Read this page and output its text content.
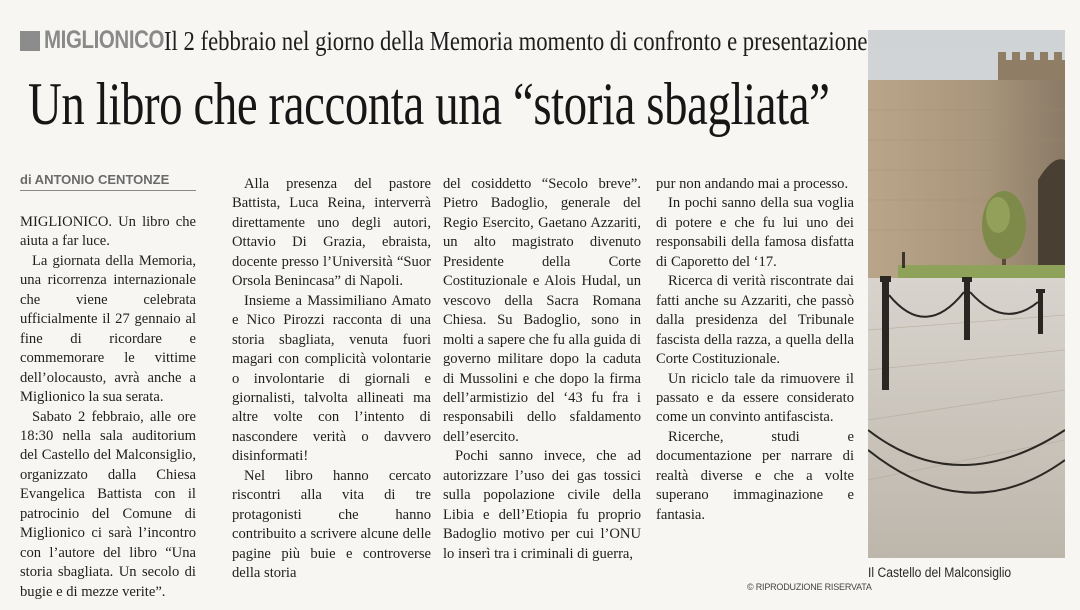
MIGLIONICO Il 2 febbraio nel giorno della Memoria momento di confronto e presentazione
Un libro che racconta una “storia sbagliata”
di ANTONIO CENTONZE

MIGLIONICO. Un libro che aiuta a far luce.

La giornata della Memoria, una ricorrenza internazionale che viene celebrata ufficialmente il 27 gennaio al fine di ricordare e commemorare le vittime dell’olocausto, avrà anche a Miglionico la sua serata.

Sabato 2 febbraio, alle ore 18:30 nella sala auditorium del Castello del Malconsiglio, organizzato dalla Chiesa Evangelica Battista con il patrocinio del Comune di Miglionico ci sarà l’incontro con l’autore del libro “Una storia sbagliata. Un secolo di bugie e di mezze verite”.

Alla presenza del pastore Battista, Luca Reina, interverrà direttamente uno degli autori, Ottavio Di Grazia, ebraista, docente presso l’Università “Suor Orsola Benincasa” di Napoli.

Insieme a Massimiliano Amato e Nico Pirozzi racconta di una storia sbagliata, venuta fuori magari con complicità volontarie o involontarie di giornali e giornalisti, talvolta allineati ma altre volte con l’intento di nascondere verità o davvero disinformati!

Nel libro hanno cercato riscontri alla vita di tre protagonisti che hanno contribuito a scrivere alcune delle pagine più buie e controverse della storia

del cosiddetto “Secolo breve”. Pietro Badoglio, generale del Regio Esercito, Gaetano Azzariti, un alto magistrato divenuto Presidente della Corte Costituzionale e Alois Hudal, un vescovo della Sacra Romana Chiesa. Su Badoglio, sono in molti a sapere che fu alla guida di governo militare dopo la caduta di Mussolini e che dopo la firma dell’armistizio del ‘43 fu fra i responsabili dello sfaldamento dell’esercito.

Pochi sanno invece, che ad autorizzare l’uso dei gas tossici sulla popolazione civile della Libia e dell’Etiopia fu proprio Badoglio motivo per cui l’ONU lo inserì tra i criminali di guerra,

pur non andando mai a processo.

In pochi sanno della sua voglia di potere e che fu lui uno dei responsabili della famosa disfatta di Caporetto del ‘17.

Ricerca di verità riscontrate dai fatti anche su Azzariti, che passò dalla presidenza del Tribunale fascista della razza, a quella della Corte Costituzionale.

Un riciclo tale da rimuovere il passato e da essere considerato come un convinto antifascista.

Ricerche, studi e documentazione per narrare di realtà diverse e che a volte superano immaginazione e fantasia.

© RIPRODUZIONE RISERVATA
Il Castello del Malconsiglio
